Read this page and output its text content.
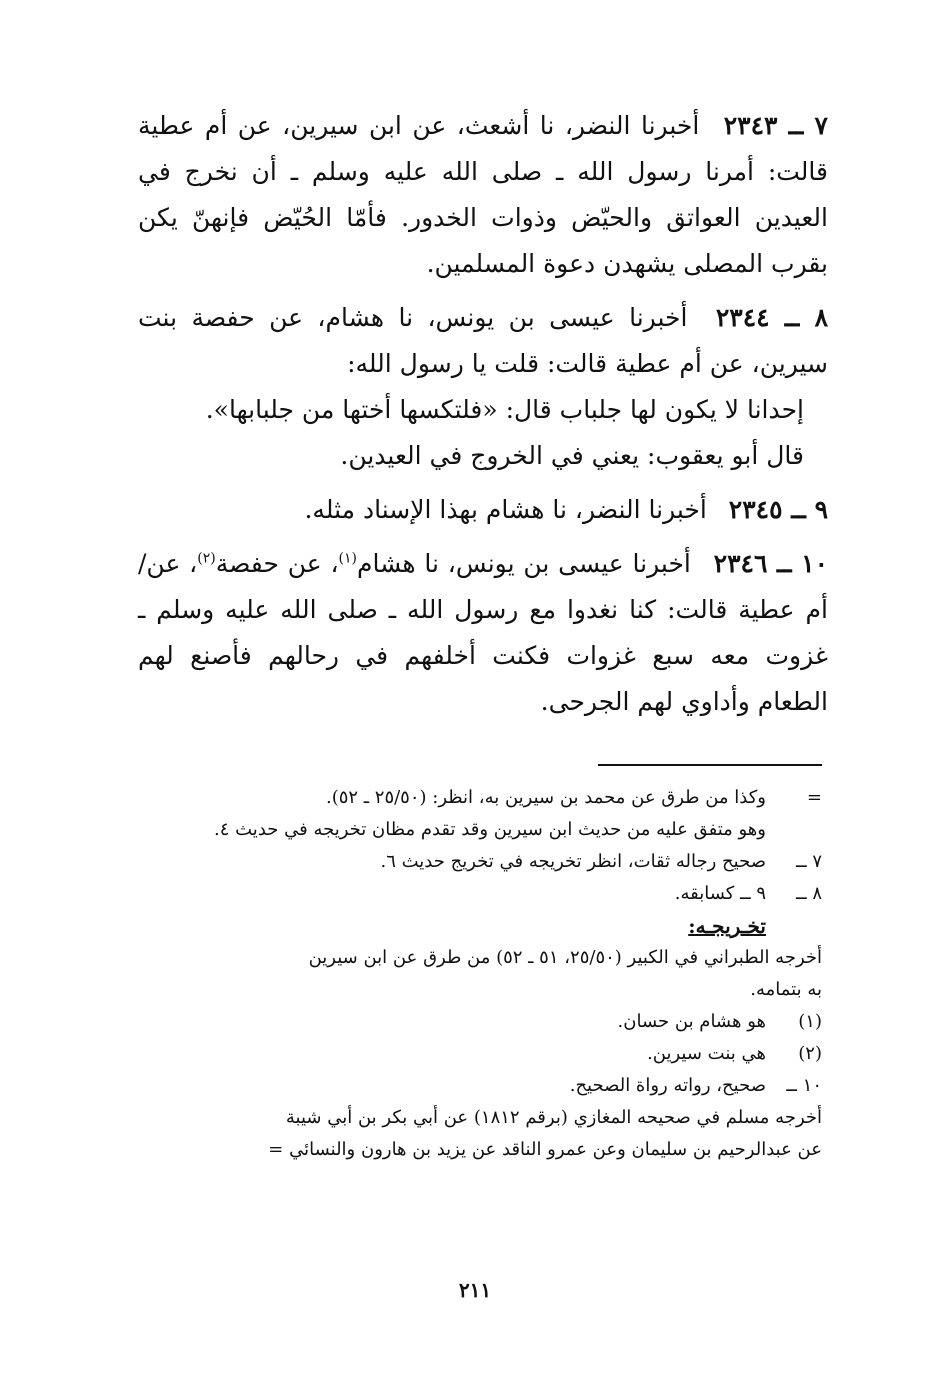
٧ ــ ٢٣٤٣ أخبرنا النضر، نا أشعث، عن ابن سيرين، عن أم عطية قالت: أمرنا رسول الله ـ صلى الله عليه وسلم ـ أن نخرج في العيدين العواتق والحيّض وذوات الخدور. فأمّا الحُيّض فإنهنّ يكن بقرب المصلى يشهدن دعوة المسلمين.

٨ ــ ٢٣٤٤ أخبرنا عيسى بن يونس، نا هشام، عن حفصة بنت سيرين، عن أم عطية قالت: قلت يا رسول الله:
إحدانا لا يكون لها جلباب قال: «فلتكسها أختها من جلبابها».
قال أبو يعقوب: يعني في الخروج في العيدين.

٩ ــ ٢٣٤٥ أخبرنا النضر، نا هشام بهذا الإسناد مثله.

١٠ ــ ٢٣٤٦ أخبرنا عيسى بن يونس، نا هشام$^{(١)}$، عن حفصة$^{(٢)}$، عن/ أم عطية قالت: كنا نغدوا مع رسول الله ـ صلى الله عليه وسلم ـ غزوت معه سبع غزوات فكنت أخلفهم في رحالهم فأصنع لهم الطعام وأداوي لهم الجرحى.

=
وكذا من طرق عن محمد بن سيرين به، انظر: (٢٥/٥٠ ـ ٥٢).
وهو متفق عليه من حديث ابن سيرين وقد تقدم مظان تخريجه في حديث ٤.
٧ ــ
صحيح رجاله ثقات، انظر تخريجه في تخريج حديث ٦.
٨ ــ
٩ ــ كسابقه.
تخـريجـه:
أخرجه الطبراني في الكبير (٢٥/٥٠، ٥١ ـ ٥٢) من طرق عن ابن سيرين
به بتمامه.
(١)
هو هشام بن حسان.
(٢)
هي بنت سيرين.
١٠ ــ
صحيح، رواته رواة الصحيح.
أخرجه مسلم في صحيحه المغازي (برقم ١٨١٢) عن أبي بكر بن أبي شيبة
عن عبدالرحيم بن سليمان وعن عمرو الناقد عن يزيد بن هارون والنسائي =
٢١١
